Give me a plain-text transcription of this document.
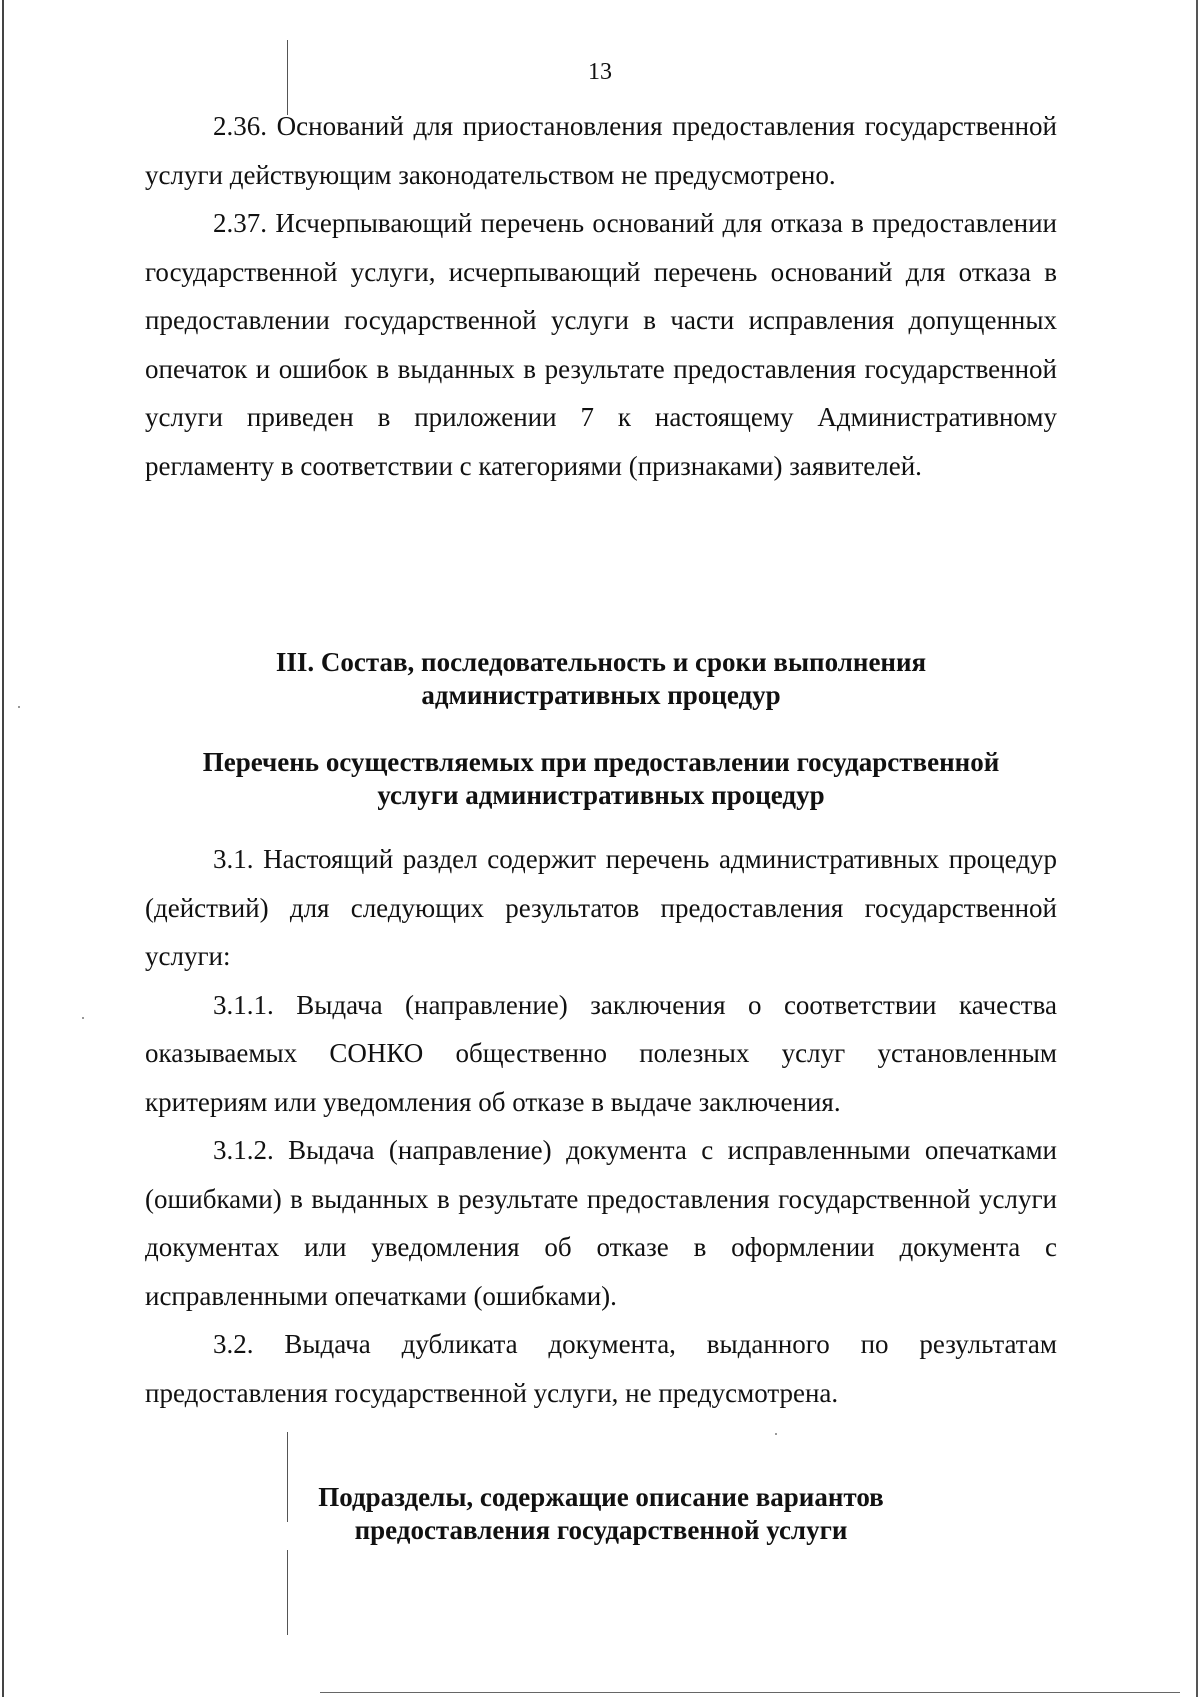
13

2.36. Оснований для приостановления предоставления государственной услуги действующим законодательством не предусмотрено.

2.37. Исчерпывающий перечень оснований для отказа в предоставлении государственной услуги, исчерпывающий перечень оснований для отказа в предоставлении государственной услуги в части исправления допущенных опечаток и ошибок в выданных в результате предоставления государственной услуги приведен в приложении 7 к настоящему Административному регламенту в соответствии с категориями (признаками) заявителей.

III. Состав, последовательность и сроки выполнения
административных процедур
Перечень осуществляемых при предоставлении государственной
услуги административных процедур

3.1. Настоящий раздел содержит перечень административных процедур (действий) для следующих результатов предоставления государственной услуги:

3.1.1. Выдача (направление) заключения о соответствии качества оказываемых СОНКО общественно полезных услуг установленным критериям или уведомления об отказе в выдаче заключения.

3.1.2. Выдача (направление) документа с исправленными опечатками (ошибками) в выданных в результате предоставления государственной услуги документах или уведомления об отказе в оформлении документа с исправленными опечатками (ошибками).

3.2. Выдача дубликата документа, выданного по результатам предоставления государственной услуги, не предусмотрена.

Подразделы, содержащие описание вариантов
предоставления государственной услуги
